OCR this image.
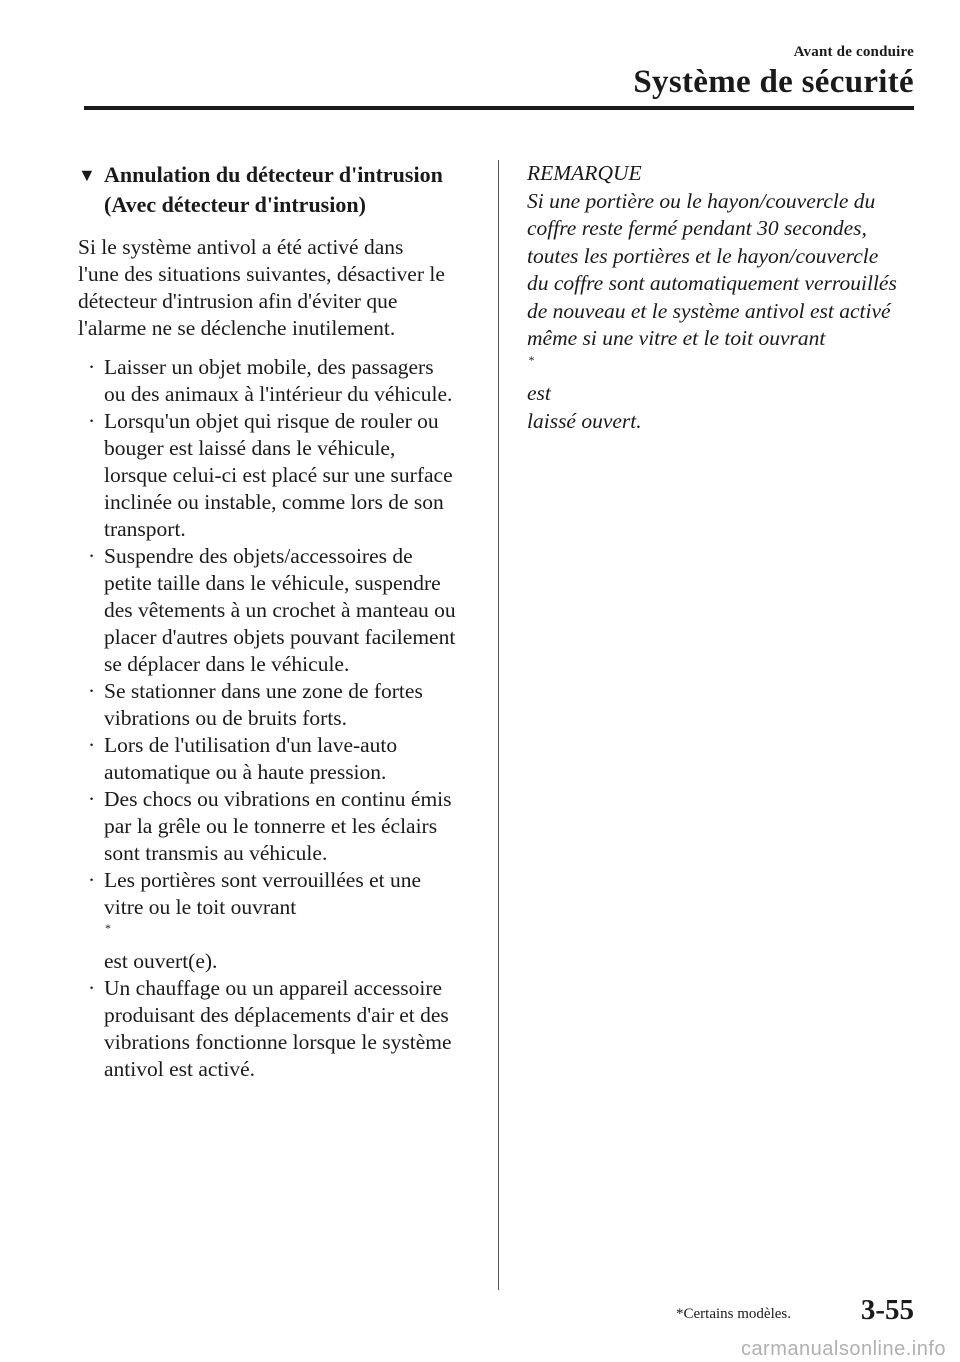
Avant de conduire
Système de sécurité
▼ Annulation du détecteur d'intrusion
(Avec détecteur d'intrusion)
Si le système antivol a été activé dans
l'une des situations suivantes, désactiver le
détecteur d'intrusion afin d'éviter que
l'alarme ne se déclenche inutilement.
· Laisser un objet mobile, des passagers
ou des animaux à l'intérieur du véhicule.
· Lorsqu'un objet qui risque de rouler ou
bouger est laissé dans le véhicule,
lorsque celui-ci est placé sur une surface
inclinée ou instable, comme lors de son
transport.
· Suspendre des objets/accessoires de
petite taille dans le véhicule, suspendre
des vêtements à un crochet à manteau ou
placer d'autres objets pouvant facilement
se déplacer dans le véhicule.
· Se stationner dans une zone de fortes
vibrations ou de bruits forts.
· Lors de l'utilisation d'un lave-auto
automatique ou à haute pression.
· Des chocs ou vibrations en continu émis
par la grêle ou le tonnerre et les éclairs
sont transmis au véhicule.
· Les portières sont verrouillées et une
vitre ou le toit ouvrant
*
est ouvert(e).
· Un chauffage ou un appareil accessoire
produisant des déplacements d'air et des
vibrations fonctionne lorsque le système
antivol est activé.
REMARQUE
Si une portière ou le hayon/couvercle du
coffre reste fermé pendant 30 secondes,
toutes les portières et le hayon/couvercle
du coffre sont automatiquement verrouillés
de nouveau et le système antivol est activé
même si une vitre et le toit ouvrant
*
est
laissé ouvert.
*Certains modèles. 3-55
carmanualsonline.info
